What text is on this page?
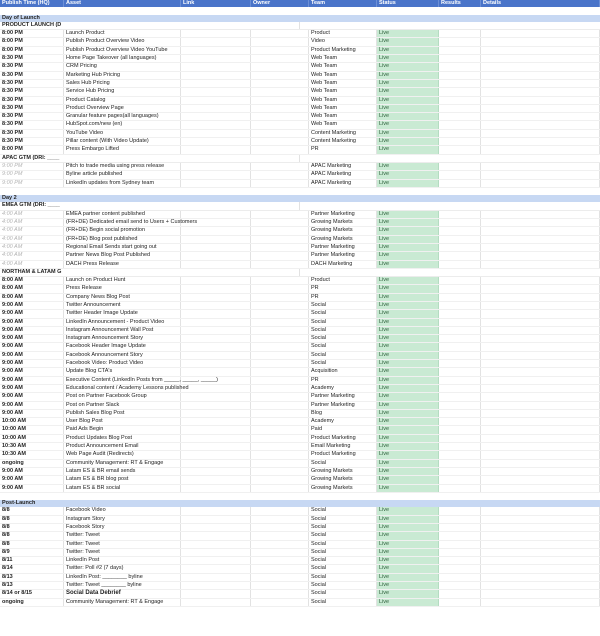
Publish Time (HQ)	Asset	Link	Owner	Team	Status	Results	Details
Day of Launch
PRODUCT LAUNCH (D
8:00 PM	Launch Product	Product	Live
8:00 PM	Publish Product Overview Video	Video	Live
8:00 PM	Publish Product Overview Video YouTube	Product Marketing	Live
8:30 PM	Home Page Takeover (all languages)	Web Team	Live
8:30 PM	CRM Pricing	Web Team	Live
8:30 PM	Marketing Hub Pricing	Web Team	Live
8:30 PM	Sales Hub Pricing	Web Team	Live
8:30 PM	Service Hub Pricing	Web Team	Live
8:30 PM	Product Catalog	Web Team	Live
8:30 PM	Product Overview Page	Web Team	Live
8:30 PM	Granular feature pages(all languages)	Web Team	Live
8:30 PM	HubSpot.com/new (en)	Web Team	Live
8:30 PM	YouTube Video	Content Marketing	Live
8:30 PM	Pillar content (With Video Update)	Content Marketing	Live
8:00 PM	Press Embargo Lifted	PR	Live
APAC GTM (DRI: ____
9:00 PM	Pitch to trade media using press release	APAC Marketing	Live
9:00 PM	Byline article published	APAC Marketing	Live
9:00 PM	LinkedIn updates from Sydney team	APAC Marketing	Live
Day 2
EMEA GTM (DRI: ____
4:00 AM	EMEA partner content published	Partner Marketing	Live
4:00 AM	(FR+DE) Dedicated email send to Users + Customers	Growing Markets	Live
4:00 AM	(FR+DE) Begin social promotion	Growing Markets	Live
4:00 AM	(FR+DE) Blog post published	Growing Markets	Live
4:00 AM	Regional Email Sends start going out	Partner Marketing	Live
4:00 AM	Partner News Blog Post Published	Partner Marketing	Live
4:00 AM	DACH Press Release	DACH Marketing	Live
NORTHAM & LATAM G
8:00 AM	Launch on Product Hunt	Product	Live
8:00 AM	Press Release	PR	Live
8:00 AM	Company News Blog Post	PR	Live
9:00 AM	Twitter Announcement	Social	Live
9:00 AM	Twitter Header Image Update	Social	Live
9:00 AM	LinkedIn Announcement - Product Video	Social	Live
9:00 AM	Instagram Announcement Wall Post	Social	Live
9:00 AM	Instagram Announcement Story	Social	Live
9:00 AM	Facebook Header Image Update	Social	Live
9:00 AM	Facebook Announcement Story	Social	Live
9:00 AM	Facebook Video: Product Video	Social	Live
9:00 AM	Update Blog CTA's	Acquisition	Live
9:00 AM	Executive Content (LinkedIn Posts from _____, _____, _____)	PR	Live
9:00 AM	Educational content / Academy Lessons published	Academy	Live
9:00 AM	Post on Partner Facebook Group	Partner Marketing	Live
9:00 AM	Post on Partner Slack	Partner Marketing	Live
9:00 AM	Publish Sales Blog Post	Blog	Live
10:00 AM	User Blog Post	Academy	Live
10:00 AM	Paid Ads Begin	Paid	Live
10:00 AM	Product Updates Blog Post	Product Marketing	Live
10:30 AM	Product Announcement Email	Email Marketing	Live
10:30 AM	Web Page Audit (Redirects)	Product Marketing	Live
ongoing	Community Management: RT & Engage	Social	Live
9:00 AM	Latam ES & BR email sends	Growing Markets	Live
9:00 AM	Latam ES & BR blog post	Growing Markets	Live
9:00 AM	Latam ES & BR social	Growing Markets	Live
Post-Launch
8/8	Facebook Video	Social	Live
8/8	Instagram Story	Social	Live
8/8	Facebook Story	Social	Live
8/8	Twitter: Tweet	Social	Live
8/8	Twitter: Tweet	Social	Live
8/9	Twitter: Tweet	Social	Live
8/11	LinkedIn Post	Social	Live
8/14	Twitter: Poll #2 (7 days)	Social	Live
8/13	LinkedIn Post: ________ byline	Social	Live
8/13	Twitter: Tweet ________ byline	Social	Live
8/14 or 8/15	Social Data Debrief	Social	Live
ongoing	Community Management: RT & Engage	Social	Live
